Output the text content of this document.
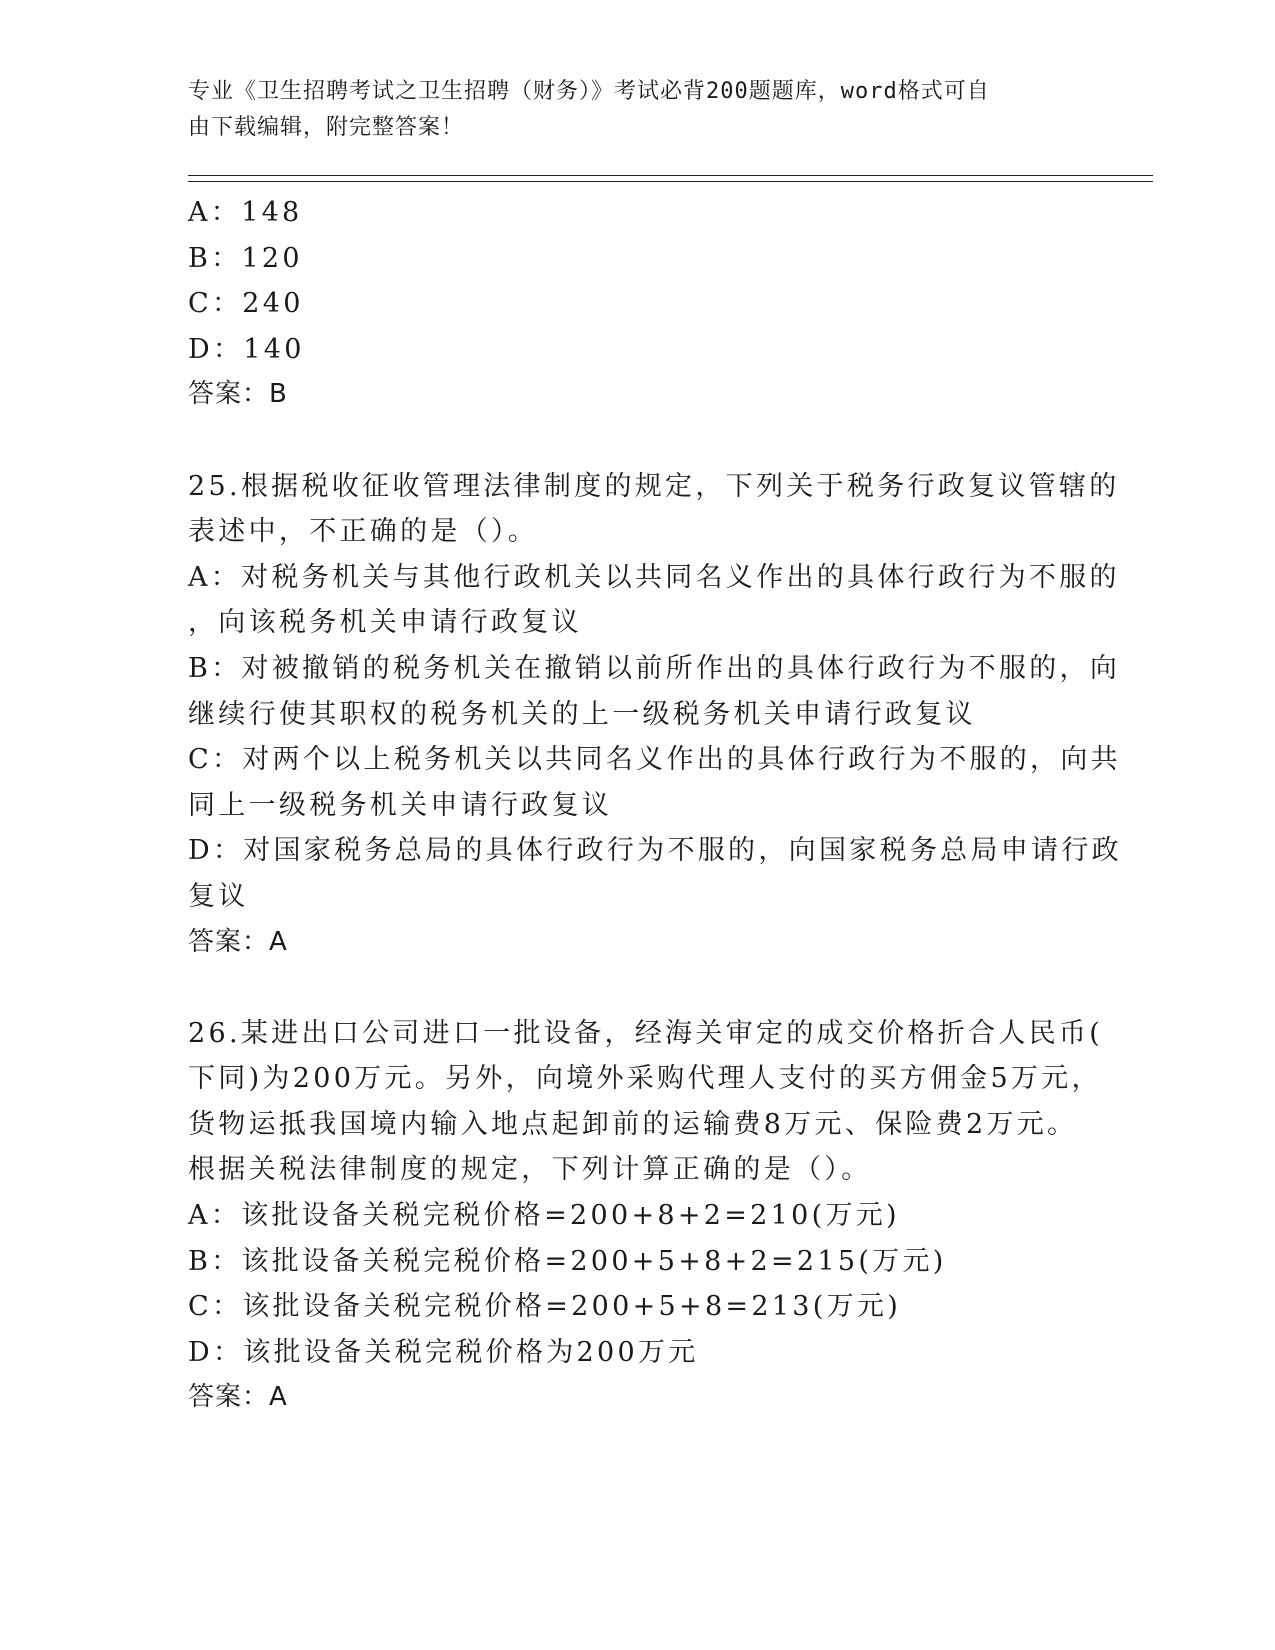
专业《卫生招聘考试之卫生招聘（财务）》考试必背200题题库，word格式可自
由下载编辑，附完整答案！
A：148
B：120
C：240
D：140
答案：B
25.根据税收征收管理法律制度的规定，下列关于税务行政复议管辖的
表述中，不正确的是（）。
A：对税务机关与其他行政机关以共同名义作出的具体行政行为不服的
，向该税务机关申请行政复议
B：对被撤销的税务机关在撤销以前所作出的具体行政行为不服的，向
继续行使其职权的税务机关的上一级税务机关申请行政复议
C：对两个以上税务机关以共同名义作出的具体行政行为不服的，向共
同上一级税务机关申请行政复议
D：对国家税务总局的具体行政行为不服的，向国家税务总局申请行政
复议
答案：A
26.某进出口公司进口一批设备，经海关审定的成交价格折合人民币(
下同)为200万元。另外，向境外采购代理人支付的买方佣金5万元，
货物运抵我国境内输入地点起卸前的运输费8万元、保险费2万元。
根据关税法律制度的规定，下列计算正确的是（）。
A：该批设备关税完税价格=200+8+2=210(万元)
B：该批设备关税完税价格=200+5+8+2=215(万元)
C：该批设备关税完税价格=200+5+8=213(万元)
D：该批设备关税完税价格为200万元
答案：A
